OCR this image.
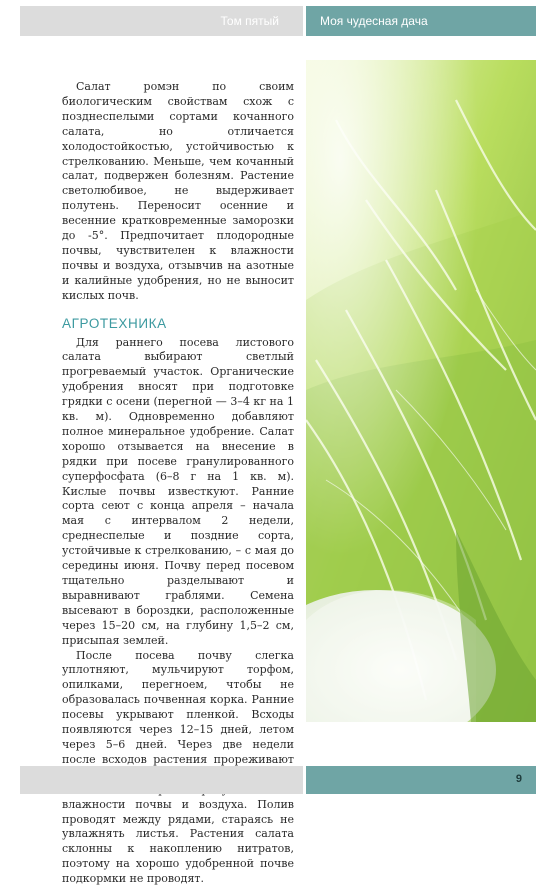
Том пятый	Моя чудесная дача

Салат ромэн по своим биологическим свойствам схож с позднеспелыми сортами кочанного салата, но отличается холодостойкостью, устойчивостью к стрелкованию. Меньше, чем кочанный салат, подвержен болезням. Растение светолюбивое, не выдерживает полутень. Переносит осенние и весенние кратковременные заморозки до -5°. Предпочитает плодородные почвы, чувствителен к влажности почвы и воздуха, отзывчив на азотные и калийные удобрения, но не выносит кислых почв.

АГРОТЕХНИКА

Для раннего посева листового салата выбирают светлый прогреваемый участок. Органические удобрения вносят при подготовке грядки с осени (перегной — 3–4 кг на 1 кв. м). Одновременно добавляют полное минеральное удобрение. Салат хорошо отзывается на внесение в рядки при посеве гранулированного суперфосфата (6–8 г на 1 кв. м). Кислые почвы известкуют. Ранние сорта сеют с конца апреля – начала мая с интервалом 2 недели, среднеспелые и поздние сорта, устойчивые к стрелкованию, – с мая до середины июня. Почву перед посевом тщательно разделывают и выравнивают граблями. Семена высевают в бороздки, расположенные через 15–20 см, на глубину 1,5–2 см, присыпая землей.

После посева почву слегка уплотняют, мульчируют торфом, опилками, перегноем, чтобы не образовалась почвенная корка. Ранние посевы укрывают пленкой. Всходы появляются через 12–15 дней, летом через 5–6 дней. Через две недели после всходов растения прореживают влажности почвы и воздуха. Полив проводят между рядами, стараясь не увлажнять листья. Растения салата склонны к накоплению нитратов, поэтому на хорошо удобренной почве подкормки не проводят.

9
